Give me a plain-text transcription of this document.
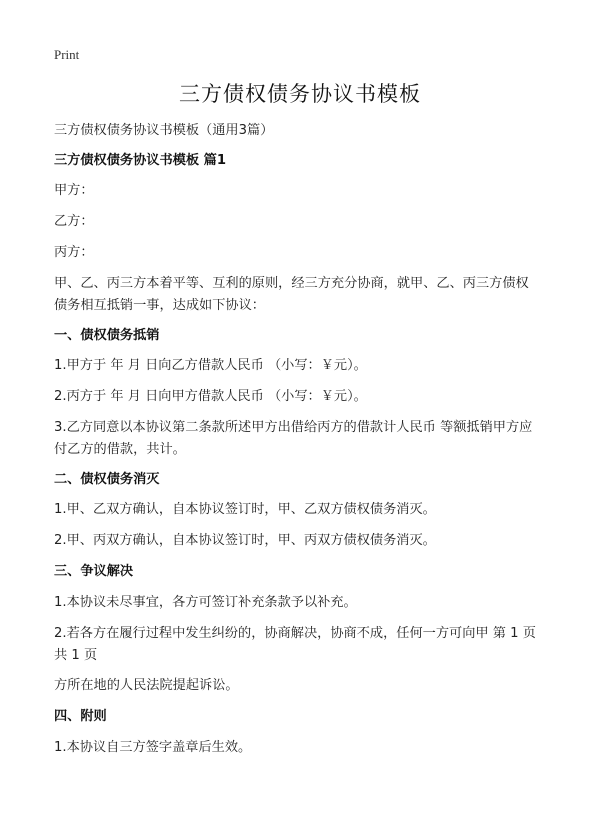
Print
三方债权债务协议书模板
三方债权债务协议书模板（通用3篇）
三方债权债务协议书模板 篇1
甲方：
乙方：
丙方：
甲、乙、丙三方本着平等、互利的原则，经三方充分协商，就甲、乙、丙三方债权
债务相互抵销一事，达成如下协议：
一、债权债务抵销
1.甲方于 年 月 日向乙方借款人民币 （小写：￥元）。
2.丙方于 年 月 日向甲方借款人民币 （小写：￥元）。
3.乙方同意以本协议第二条款所述甲方出借给丙方的借款计人民币 等额抵销甲方应
付乙方的借款，共计。
二、债权债务消灭
1.甲、乙双方确认，自本协议签订时，甲、乙双方债权债务消灭。
2.甲、丙双方确认，自本协议签订时，甲、丙双方债权债务消灭。
三、争议解决
1.本协议未尽事宜，各方可签订补充条款予以补充。
2.若各方在履行过程中发生纠纷的，协商解决，协商不成，任何一方可向甲 第 1 页
共 1 页
方所在地的人民法院提起诉讼。
四、附则
1.本协议自三方签字盖章后生效。
